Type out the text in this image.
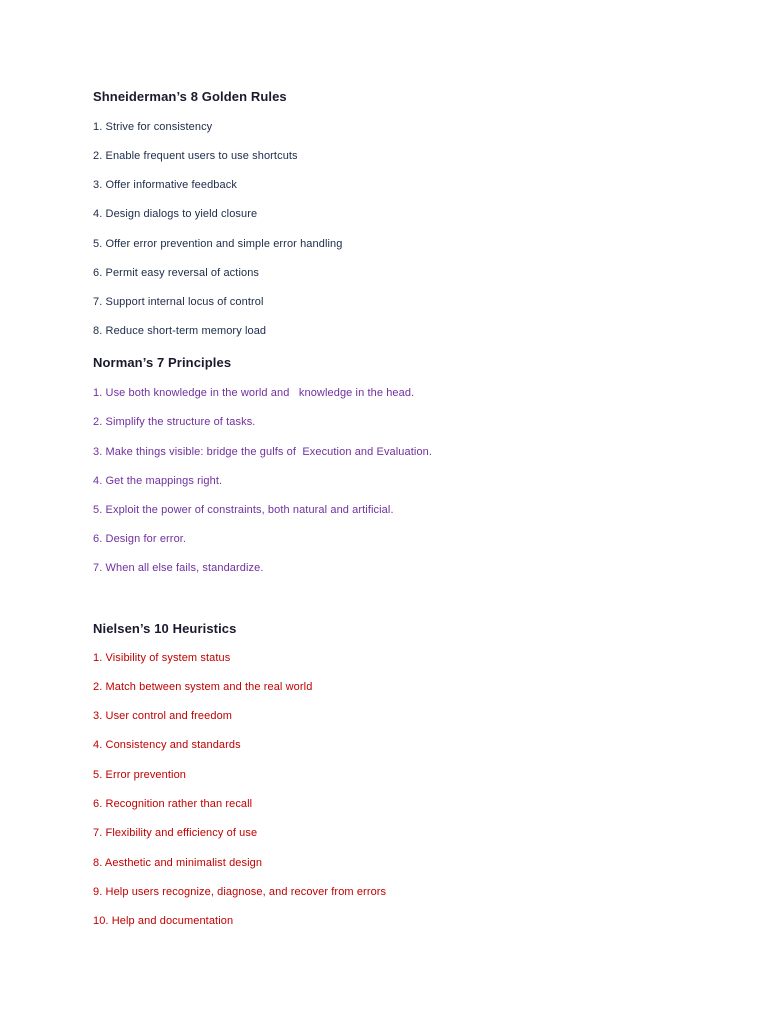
Shneiderman’s 8 Golden Rules
1. Strive for consistency
2. Enable frequent users to use shortcuts
3. Offer informative feedback
4. Design dialogs to yield closure
5. Offer error prevention and simple error handling
6. Permit easy reversal of actions
7. Support internal locus of control
8. Reduce short-term memory load
Norman’s 7 Principles
1. Use both knowledge in the world and   knowledge in the head.
2. Simplify the structure of tasks.
3. Make things visible: bridge the gulfs of  Execution and Evaluation.
4. Get the mappings right.
5. Exploit the power of constraints, both natural and artificial.
6. Design for error.
7. When all else fails, standardize.
Nielsen’s 10 Heuristics
1. Visibility of system status
2. Match between system and the real world
3. User control and freedom
4. Consistency and standards
5. Error prevention
6. Recognition rather than recall
7. Flexibility and efficiency of use
8. Aesthetic and minimalist design
9. Help users recognize, diagnose, and recover from errors
10. Help and documentation
